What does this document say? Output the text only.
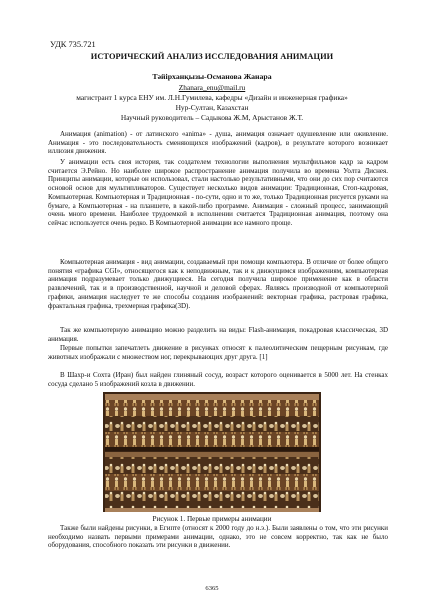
УДК 735.721
ИСТОРИЧЕСКИЙ АНАЛИЗ ИССЛЕДОВАНИЯ АНИМАЦИИ
Тәйірханқызы-Османова Жанара
Zhanara_enu@mail.ru
магистрант 1 курса ЕНУ им. Л.Н.Гумилева, кафедры «Дизайн и инженерная графика»
Нур-Султан, Казахстан
Научный руководитель – Садыкова Ж.М, Арыстанов Ж.Т.

Анимация (animation) - от латинского «anima» - душа, анимация означает одушевление или оживление. Анимация - это последовательность сменяющихся изображений (кадров), в результате которого возникает иллюзия движения.

У анимации есть своя история, так создателем технологии выполнения мультфильмов кадр за кадром считается Э.Рейно. Но наиболее широкое распространение анимация получила во времена Уолта Диснея. Принципы анимации, которые он использовал, стали настолько результативными, что они до сих пор считаются основой основ для мультипликаторов. Существует несколько видов анимации: Традиционная, Стоп-кадровая, Компьютерная. Компьютерная и Традиционная - по-сути, одно и то же, только Традиционная рисуется руками на бумаге, а Компьютерная - на планшете, в какой-либо программе. Анимация - сложный процесс, занимающий очень много времени. Наиболее трудоемкой в исполнении считается Традиционная анимация, поэтому она сейчас используется очень редко. В Компьютерной анимации все намного проще.

Компьютерная анимация - вид анимации, создаваемый при помощи компьютера. В отличие от более общего понятия «графика CGI», относящегося как к неподвижным, так и к движущимся изображениям, компьютерная анимация подразумевает только движущиеся. На сегодня получила широкое применение как в области развлечений, так и в производственной, научной и деловой сферах. Являясь производной от компьютерной графики, анимация наследует те же способы создания изображений: векторная графика, растровая графика, фрактальная графика, трехмерная графика(3D).

Так же компьютерную анимацию можно разделить на виды: Flash-анимация, покадровая классическая, 3D анимация.

Первые попытки запечатлеть движение в рисунках относят к палеолитическим пещерным рисункам, где животных изображали с множеством ног, перекрывающих друг друга. [1]

В Шахр-и Сохта (Иран) был найден глиняный сосуд, возраст которого оценивается в 5000 лет. На стенках сосуда сделано 5 изображений козла в движении.

Рисунок 1. Первые примеры анимации

Также были найдены рисунки, в Египте (относят к 2000 году до н.э.). Были заявлены о том, что эти рисунки необходимо назвать первыми примерами анимации, однако, это не совсем корректно, так как не было оборудования, способного показать эти рисунки в движении.

6365
